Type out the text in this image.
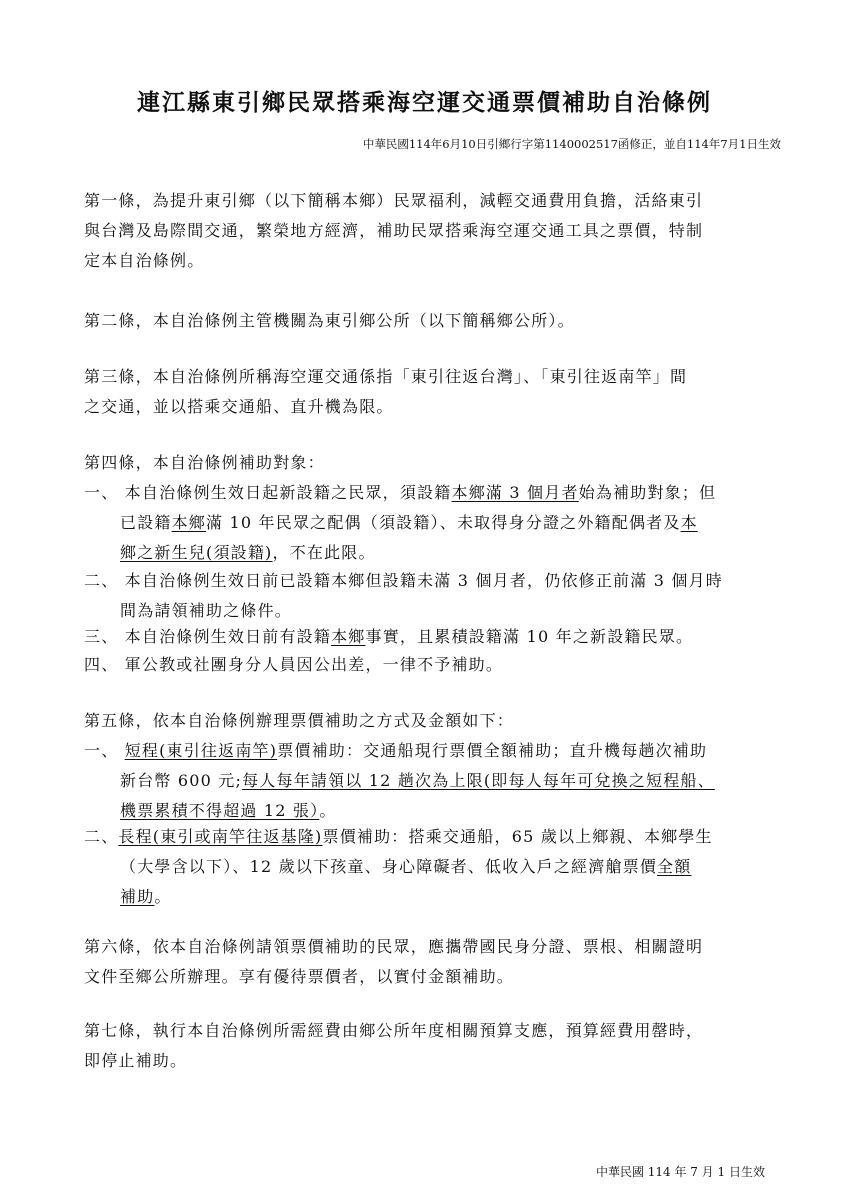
連江縣東引鄉民眾搭乘海空運交通票價補助自治條例
中華民國114年6月10日引鄉行字第1140002517函修正，並自114年7月1日生效
第一條，為提升東引鄉（以下簡稱本鄉）民眾福利，減輕交通費用負擔，活絡東引
與台灣及島際間交通，繁榮地方經濟，補助民眾搭乘海空運交通工具之票價，特制
定本自治條例。
第二條，本自治條例主管機關為東引鄉公所（以下簡稱鄉公所）。
第三條，本自治條例所稱海空運交通係指「東引往返台灣」、「東引往返南竿」間
之交通，並以搭乘交通船、直升機為限。
第四條，本自治條例補助對象：
一、 本自治條例生效日起新設籍之民眾，須設籍本鄉滿 3 個月者始為補助對象；但
已設籍本鄉滿 10 年民眾之配偶（須設籍）、未取得身分證之外籍配偶者及本
鄉之新生兒(須設籍)，不在此限。
二、 本自治條例生效日前已設籍本鄉但設籍未滿 3 個月者，仍依修正前滿 3 個月時
間為請領補助之條件。
三、 本自治條例生效日前有設籍本鄉事實，且累積設籍滿 10 年之新設籍民眾。
四、 軍公教或社團身分人員因公出差，一律不予補助。
第五條，依本自治條例辦理票價補助之方式及金額如下：
一、 短程(東引往返南竿)票價補助：交通船現行票價全額補助；直升機每趟次補助
新台幣 600 元;每人每年請領以 12 趟次為上限(即每人每年可兌換之短程船、
機票累積不得超過 12 張）。
二、長程(東引或南竿往返基隆)票價補助：搭乘交通船，65 歲以上鄉親、本鄉學生
（大學含以下）、12 歲以下孩童、身心障礙者、低收入戶之經濟艙票價全額
補助。
第六條，依本自治條例請領票價補助的民眾，應攜帶國民身分證、票根、相關證明
文件至鄉公所辦理。享有優待票價者，以實付金額補助。
第七條，執行本自治條例所需經費由鄉公所年度相關預算支應，預算經費用罄時，
即停止補助。
中華民國 114 年 7 月 1 日生效
